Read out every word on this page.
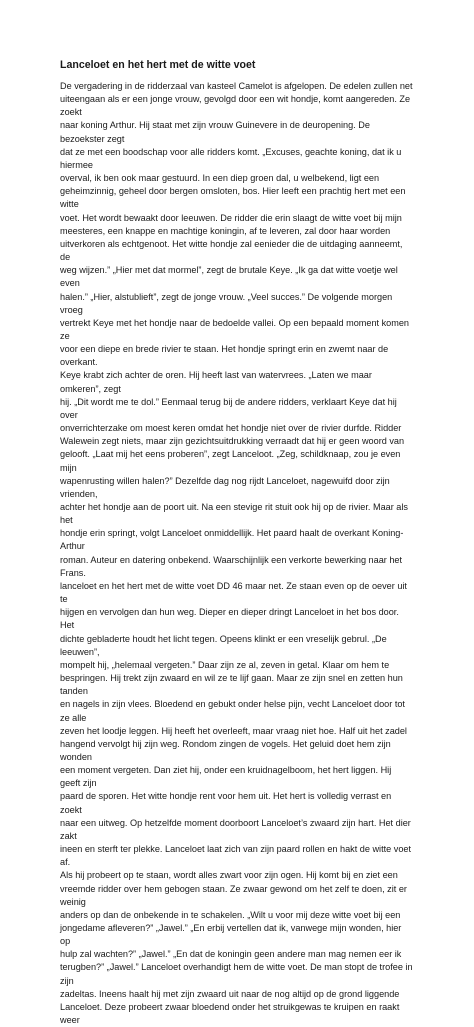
Lanceloet en het hert met de witte voet
De vergadering in de ridderzaal van kasteel Camelot is afgelopen. De edelen zullen net
uiteengaan als er een jonge vrouw, gevolgd door een wit hondje, komt aangereden. Ze zoekt
naar koning Arthur. Hij staat met zijn vrouw Guinevere in de deuropening. De bezoekster zegt
dat ze met een boodschap voor alle ridders komt. „Excuses, geachte koning, dat ik u hiermee
overval, ik ben ook maar gestuurd. In een diep groen dal, u welbekend, ligt een
geheimzinnig, geheel door bergen omsloten, bos. Hier leeft een prachtig hert met een witte
voet. Het wordt bewaakt door leeuwen. De ridder die erin slaagt de witte voet bij mijn
meesteres, een knappe en machtige koningin, af te leveren, zal door haar worden
uitverkoren als echtgenoot. Het witte hondje zal eenieder die de uitdaging aanneemt, de
weg wijzen.” „Hier met dat mormel”, zegt de brutale Keye. „Ik ga dat witte voetje wel even
halen.” „Hier, alstublieft”, zegt de jonge vrouw. „Veel succes.” De volgende morgen vroeg
vertrekt Keye met het hondje naar de bedoelde vallei. Op een bepaald moment komen ze
voor een diepe en brede rivier te staan. Het hondje springt erin en zwemt naar de overkant.
Keye krabt zich achter de oren. Hij heeft last van watervrees. „Laten we maar omkeren”, zegt
hij. „Dit wordt me te dol.” Eenmaal terug bij de andere ridders, verklaart Keye dat hij over
onverrichterzake om moest keren omdat het hondje niet over de rivier durfde. Ridder
Walewein zegt niets, maar zijn gezichtsuitdrukking verraadt dat hij er geen woord van
gelooft. „Laat mij het eens proberen”, zegt Lanceloot. „Zeg, schildknaap, zou je even mijn
wapenrusting willen halen?” Dezelfde dag nog rijdt Lanceloet, nagewuifd door zijn vrienden,
achter het hondje aan de poort uit. Na een stevige rit stuit ook hij op de rivier. Maar als het
hondje erin springt, volgt Lanceloet onmiddellijk. Het paard haalt de overkant Koning-Arthur
roman. Auteur en datering onbekend. Waarschijnlijk een verkorte bewerking naar het Frans.
lanceloet en het hert met de witte voet DD 46 maar net. Ze staan even op de oever uit te
hijgen en vervolgen dan hun weg. Dieper en dieper dringt Lanceloet in het bos door. Het
dichte gebladerte houdt het licht tegen. Opeens klinkt er een vreselijk gebrul. „De leeuwen”,
mompelt hij, „helemaal vergeten.” Daar zijn ze al, zeven in getal. Klaar om hem te
bespringen. Hij trekt zijn zwaard en wil ze te lijf gaan. Maar ze zijn snel en zetten hun tanden
en nagels in zijn vlees. Bloedend en gebukt onder helse pijn, vecht Lanceloet door tot ze alle
zeven het loodje leggen. Hij heeft het overleeft, maar vraag niet hoe. Half uit het zadel
hangend vervolgt hij zijn weg. Rondom zingen de vogels. Het geluid doet hem zijn wonden
een moment vergeten. Dan ziet hij, onder een kruidnagelboom, het hert liggen. Hij geeft zijn
paard de sporen. Het witte hondje rent voor hem uit. Het hert is volledig verrast en zoekt
naar een uitweg. Op hetzelfde moment doorboort Lanceloet’s zwaard zijn hart. Het dier zakt
ineen en sterft ter plekke. Lanceloet laat zich van zijn paard rollen en hakt de witte voet af.
Als hij probeert op te staan, wordt alles zwart voor zijn ogen. Hij komt bij en ziet een
vreemde ridder over hem gebogen staan. Ze zwaar gewond om het zelf te doen, zit er weinig
anders op dan de onbekende in te schakelen. „Wilt u voor mij deze witte voet bij een
jongedame afleveren?” „Jawel.” „En erbij vertellen dat ik, vanwege mijn wonden, hier op
hulp zal wachten?” „Jawel.” „En dat de koningin geen andere man mag nemen eer ik
terugben?” „Jawel.” Lanceloet overhandigt hem de witte voet. De man stopt de trofee in zijn
zadeltas. Ineens haalt hij met zijn zwaard uit naar de nog altijd op de grond liggende
Lanceloet. Deze probeert zwaar bloedend onder het struikgewas te kruipen en raakt weer
